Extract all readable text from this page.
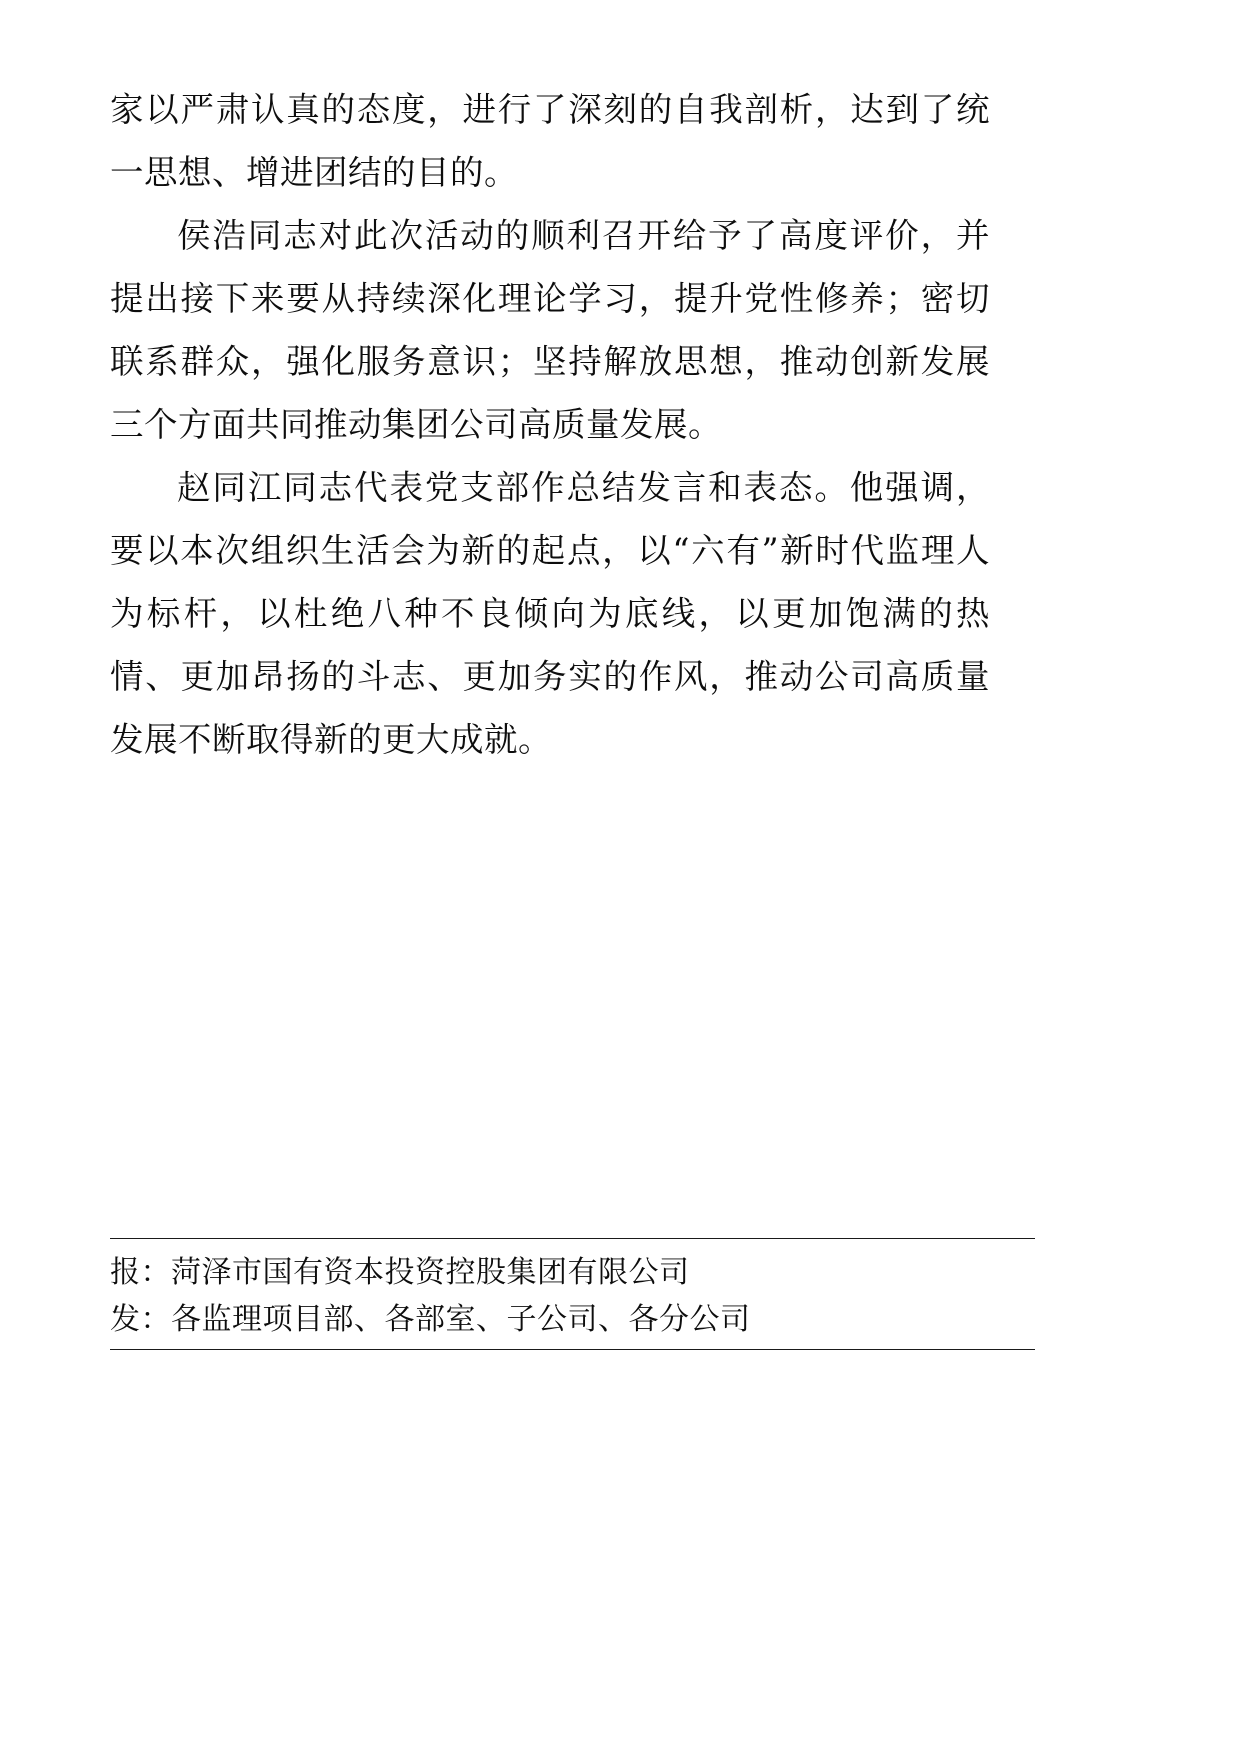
家以严肃认真的态度，进行了深刻的自我剖析，达到了统一思想、增进团结的目的。

侯浩同志对此次活动的顺利召开给予了高度评价，并提出接下来要从持续深化理论学习，提升党性修养；密切联系群众，强化服务意识；坚持解放思想，推动创新发展三个方面共同推动集团公司高质量发展。

赵同江同志代表党支部作总结发言和表态。他强调，要以本次组织生活会为新的起点，以“六有”新时代监理人为标杆，以杜绝八种不良倾向为底线，以更加饱满的热情、更加昂扬的斗志、更加务实的作风，推动公司高质量发展不断取得新的更大成就。

报：菏泽市国有资本投资控股集团有限公司
发：各监理项目部、各部室、子公司、各分公司
